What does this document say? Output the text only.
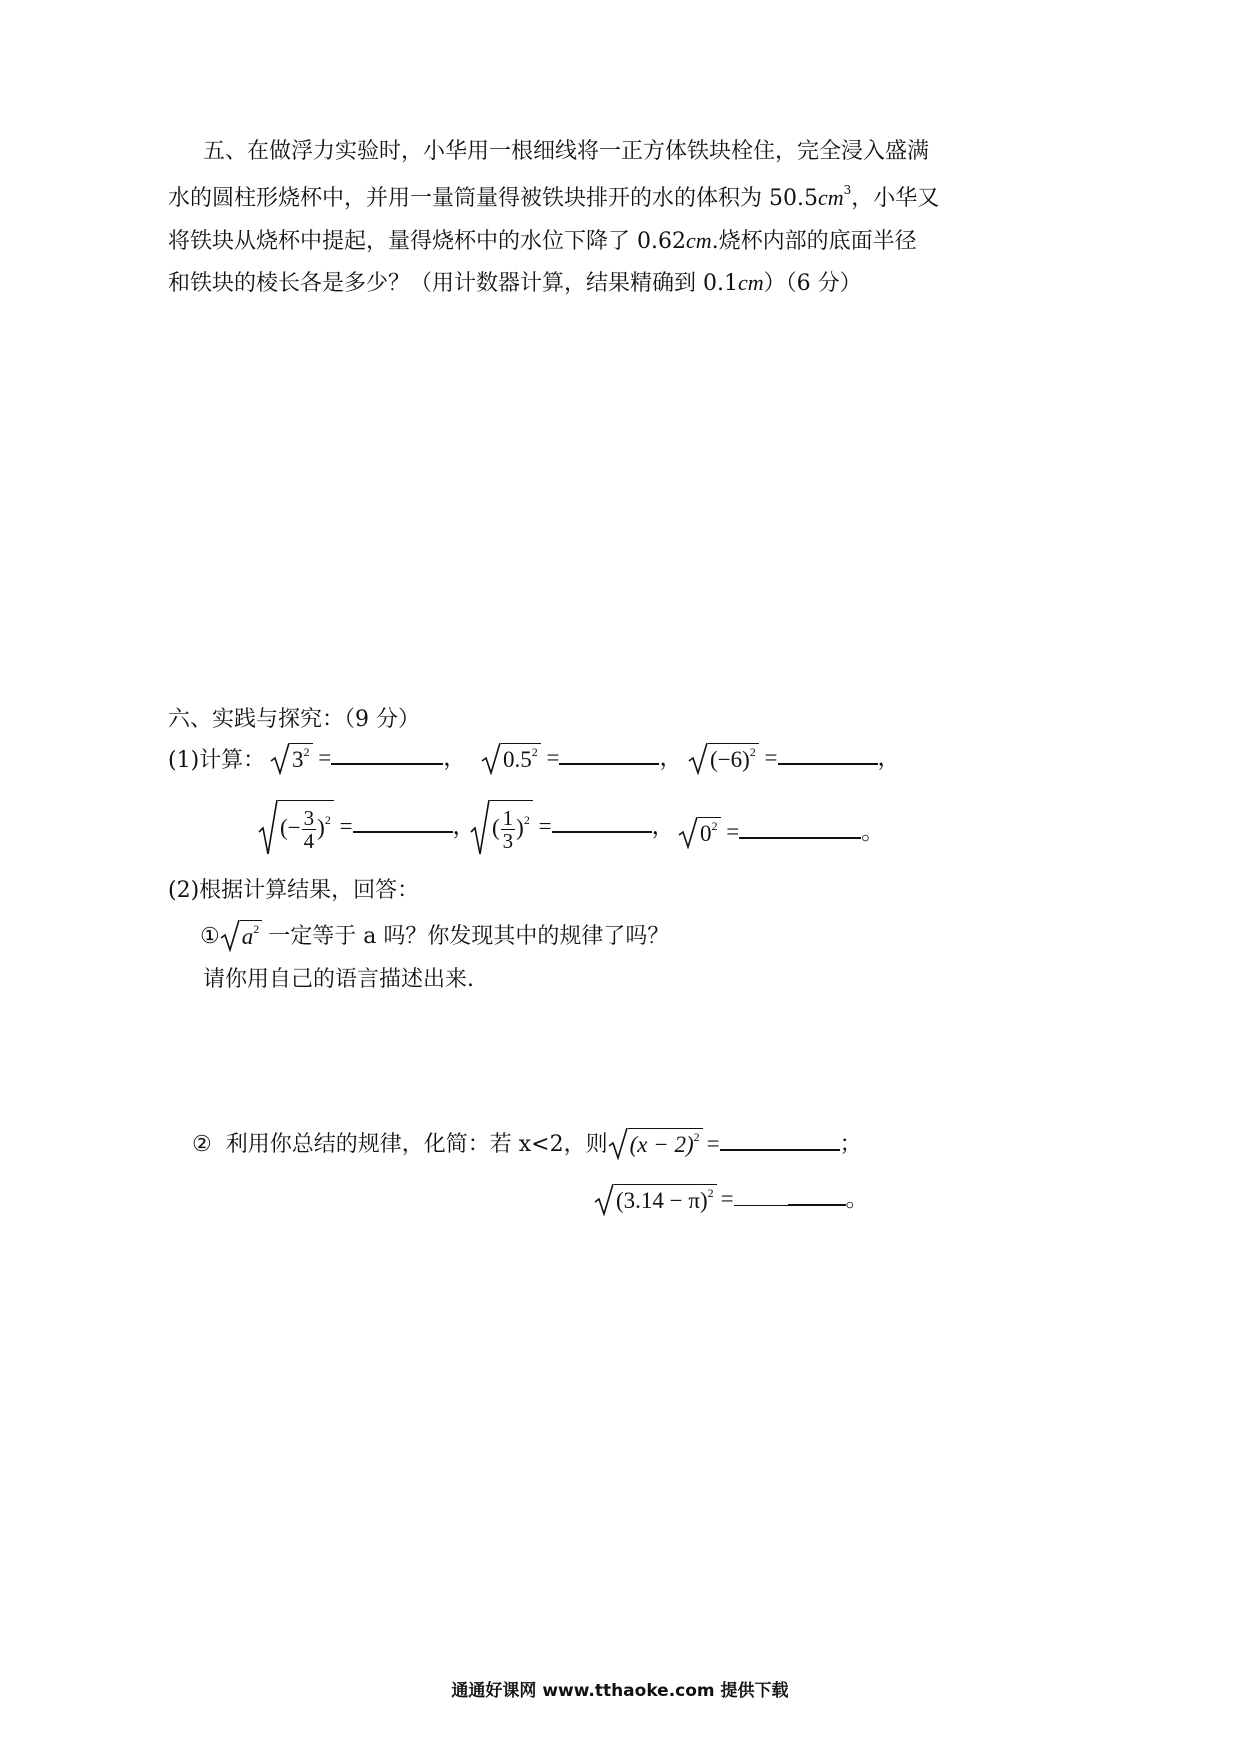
五、在做浮力实验时，小华用一根细线将一正方体铁块栓住，完全浸入盛满
水的圆柱形烧杯中，并用一量筒量得被铁块排开的水的体积为 $50.5cm^3$，小华又
将铁块从烧杯中提起，量得烧杯中的水位下降了 0.62cm.烧杯内部的底面半径
和铁块的棱长各是多少？（用计数器计算，结果精确到 0.1cm）（6 分）
六、实践与探究：（9 分）
(1)计算： $3^2$ =	， $0.5^2$ =	， $(-6)^2$ =	，
(− $\frac{3}{4} )^2$ =	， ( $\frac{1}{3} )^2$ =	， $0^2$ =	。
(2)根据计算结果，回答：
① $a^2$ 一定等于 a 吗？你发现其中的规律了吗？
请你用自己的语言描述出来.
② 利用你总结的规律，化简：若 x<2，则 $(x - 2)^2$ =	；
$(3.14 - \pi)^2$ =	。
通通好课网 www.tthaoke.com 提供下载
